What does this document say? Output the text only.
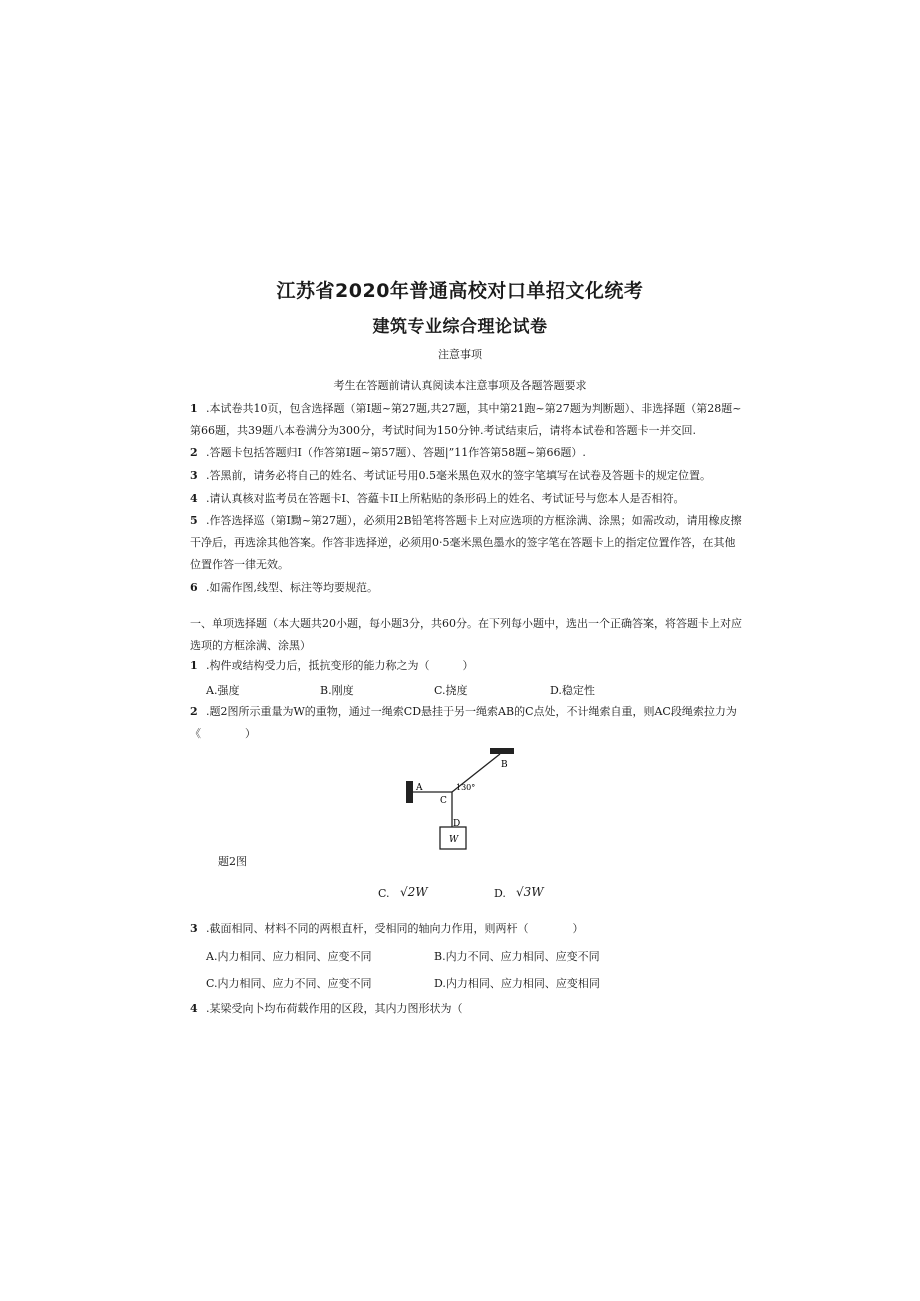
江苏省2020年普通高校对口单招文化统考
建筑专业综合理论试卷
注意事项
考生在答题前请认真阅读本注意事项及各题答题要求
1 .本试卷共10页，包含选择题（第Ⅰ题~第27题,共27题，其中第21跑~第27题为判断题）、非选择题（第28题~第66题，共39题八本卷满分为300分，考试时间为150分钟.考试结束后，请将本试卷和答题卡一并交回.
2 .答题卡包括答题归Ⅰ（作答第Ⅰ题~第57题）、答题|”11作答第58题~第66题）.
3 .答黑前，请务必将自己的姓名、考试证号用0.5毫米黑色双水的签字笔填写在试卷及答题卡的规定位置。
4 .请认真核对监考员在答题卡I、答藴卡II上所粘贴的条形码上的姓名、考试证号与您本人是否相符。
5 .作答选择巡（第Ⅰ黝~第27题），必须用2B铅笔将答题卡上对应选项的方框涂满、涂黑；如需改动，请用橡皮擦干净后，再选涂其他答案。作答非选择逆，必须用0·5毫米黑色墨水的签字笔在答题卡上的指定位置作答，在其他位置作答一律无效。
6 .如需作图,线型、标注等均要规范。
一、单项选择题（本大题共20小题，每小题3分，共60分。在下列每小题中，选出一个正确答案，将答题卡上对应选项的方框涂满、涂黑）
1 .构件或结构受力后，抵抗变形的能力称之为（　　　）
A.强度	B.刚度	C.挠度	D.稳定性
2 .题2图所示重量为W的重物，通过一绳索CD悬挂于另一绳索AB的C点处，不计绳索自重，则AC段绳索拉力为《　　　　）
A
B
C
D
W
130°
题2图
C. √2W	D. √3W
3 .截面相同、材料不同的两根直杆，受相同的轴向力作用，则两杆（　　　　）
A.内力相同、应力相同、应变不同	B.内力不同、应力相同、应变不同
C.内力相同、应力不同、应变不同	D.内力相同、应力相同、应变相同
4 .某梁受向卜均布荷载作用的区段，其内力图形状为（
